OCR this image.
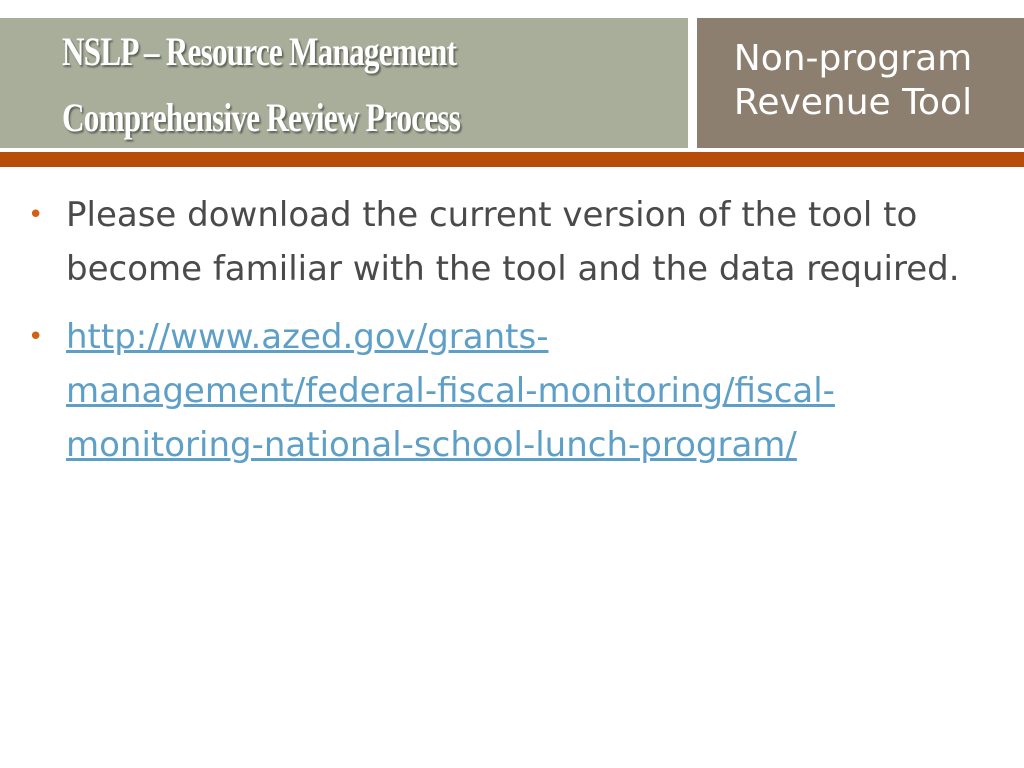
NSLP – Resource Management
Comprehensive Review Process
Non-program
Revenue Tool
• Please download the current version of the tool to become familiar with the tool and the data required.

• http://www.azed.gov/grants-
management/federal-fiscal-monitoring/fiscal-
monitoring-national-school-lunch-program/
